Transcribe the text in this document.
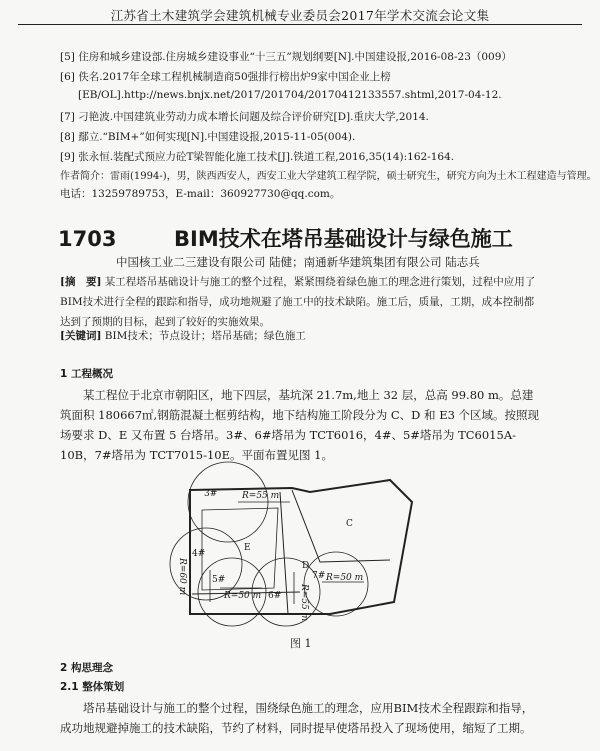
江苏省土木建筑学会建筑机械专业委员会2017年学术交流会论文集
[5] 住房和城乡建设部.住房城乡建设事业“十三五”规划纲要[N].中国建设报,2016-08-23（009）
[6] 佚名.2017年全球工程机械制造商50强排行榜出炉9家中国企业上榜
[EB/OL].http://news.bnjx.net/2017/201704/20170412133557.shtml,2017-04-12.
[7] 刁艳波.中国建筑业劳动力成本增长问题及综合评价研究[D].重庆大学,2014.
[8] 鄢立.“BIM+”如何实现[N].中国建设报,2015-11-05(004).
[9] 张永恒.装配式预应力砼T梁智能化施工技术[J].铁道工程,2016,35(14):162-164.
作者简介：雷雨(1994-)，男，陕西西安人，西安工业大学建筑工程学院，硕士研究生，研究方向为土木工程建造与管理。
电话：13259789753，E-mail：360927730@qq.com。
1703	BIM技术在塔吊基础设计与绿色施工
中国核工业二三建设有限公司 陆健；南通新华建筑集团有限公司 陆志兵
[摘　要] 某工程塔吊基础设计与施工的整个过程，紧紧围绕着绿色施工的理念进行策划，过程中应用了BIM技术进行全程的跟踪和指导，成功地规避了施工中的技术缺陷。施工后，质量，工期，成本控制都达到了预期的目标，起到了较好的实施效果。
[关键词] BIM技术；节点设计；塔吊基础；绿色施工
1 工程概况
某工程位于北京市朝阳区，地下四层，基坑深 21.7m,地上 32 层，总高 99.80 m。总建筑面积 180667㎡,钢筋混凝土框剪结构，地下结构施工阶段分为 C、D 和 E3 个区域。按照现场要求 D、E 又布置 5 台塔吊。3#、6#塔吊为 TCT6016，4#、5#塔吊为 TC6015A-10B，7#塔吊为 TCT7015-10E。平面布置见图 1。
3#	R=55 m
4#
R=60 m	5#
R=50 m 6# R=55 m
7# R=50 m
C
D
E
图 1
2 构思理念
2.1 整体策划
塔吊基础设计与施工的整个过程，围绕绿色施工的理念，应用BIM技术全程跟踪和指导，成功地规避掉施工的技术缺陷，节约了材料，同时提早使塔吊投入了现场使用，缩短了工期。
